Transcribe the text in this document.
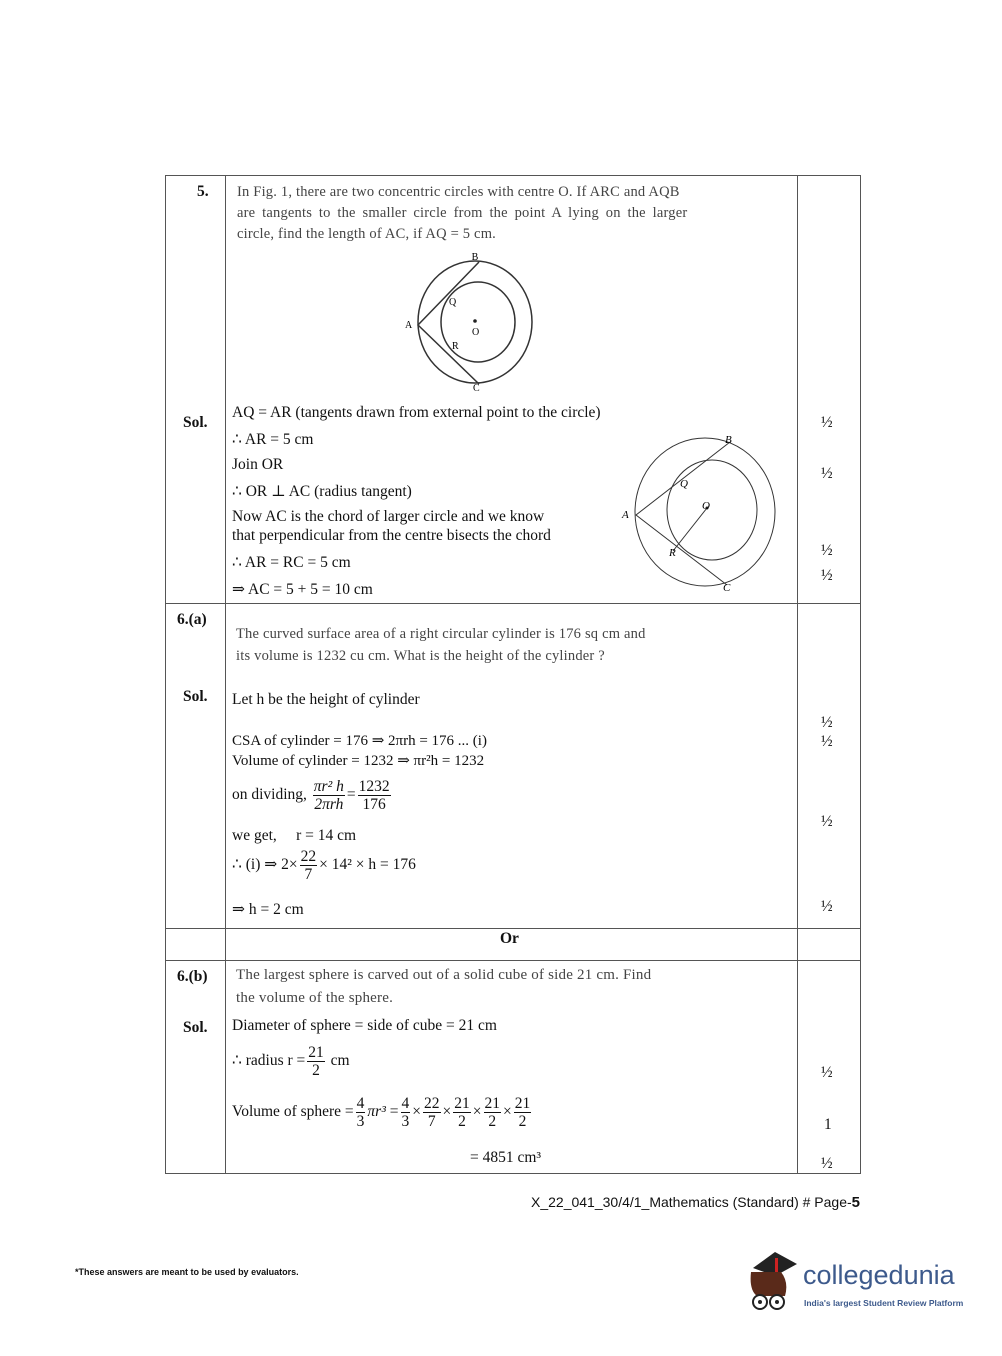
5. In Fig. 1, there are two concentric circles with centre O. If ARC and AQB
are tangents to the smaller circle from the point A lying on the larger
circle, find the length of AC, if AQ = 5 cm.
B
A
Q
R
O
C
Sol.
AQ = AR (tangents drawn from external point to the circle)
∴ AR = 5 cm
Join OR
∴ OR ⊥ AC (radius tangent)
Now AC is the chord of larger circle and we know
that perpendicular from the centre bisects the chord
∴ AR = RC = 5 cm
⇒ AC = 5 + 5 = 10 cm
B
A
Q
O
R
C
½
½
½
½
6.(a)
The curved surface area of a right circular cylinder is 176 sq cm and
its volume is 1232 cu cm. What is the height of the cylinder ?
Sol. Let h be the height of cylinder
CSA of cylinder = 176 ⇒ 2πrh = 176 ... (i)
Volume of cylinder = 1232 ⇒ πr²h = 1232
on dividing, πr² h
2πrh
= $\frac{1232}{176}$
we get,     r = 14 cm
∴ (i) ⇒ $2\times \frac{22}{7} \times 14^2 \times h = 176$
⇒ h = 2 cm
½
½
½
½
Or
6.(b) The largest sphere is carved out of a solid cube of side 21 cm. Find
the volume of the sphere.
Sol. Diameter of sphere = side of cube = 21 cm
∴ radius $r = \frac{21}{2}$ cm
Volume of sphere = $\frac{4}{3} \pi r^3 = \frac{4}{3} \times \frac{22}{7} \times \frac{21}{2} \times \frac{21}{2} \times \frac{21}{2}$
= 4851 cm³
½
1
½
X_22_041_30/4/1_Mathematics (Standard) # Page-5
*These answers are meant to be used by evaluators.	collegedunia
India's largest Student Review Platform
